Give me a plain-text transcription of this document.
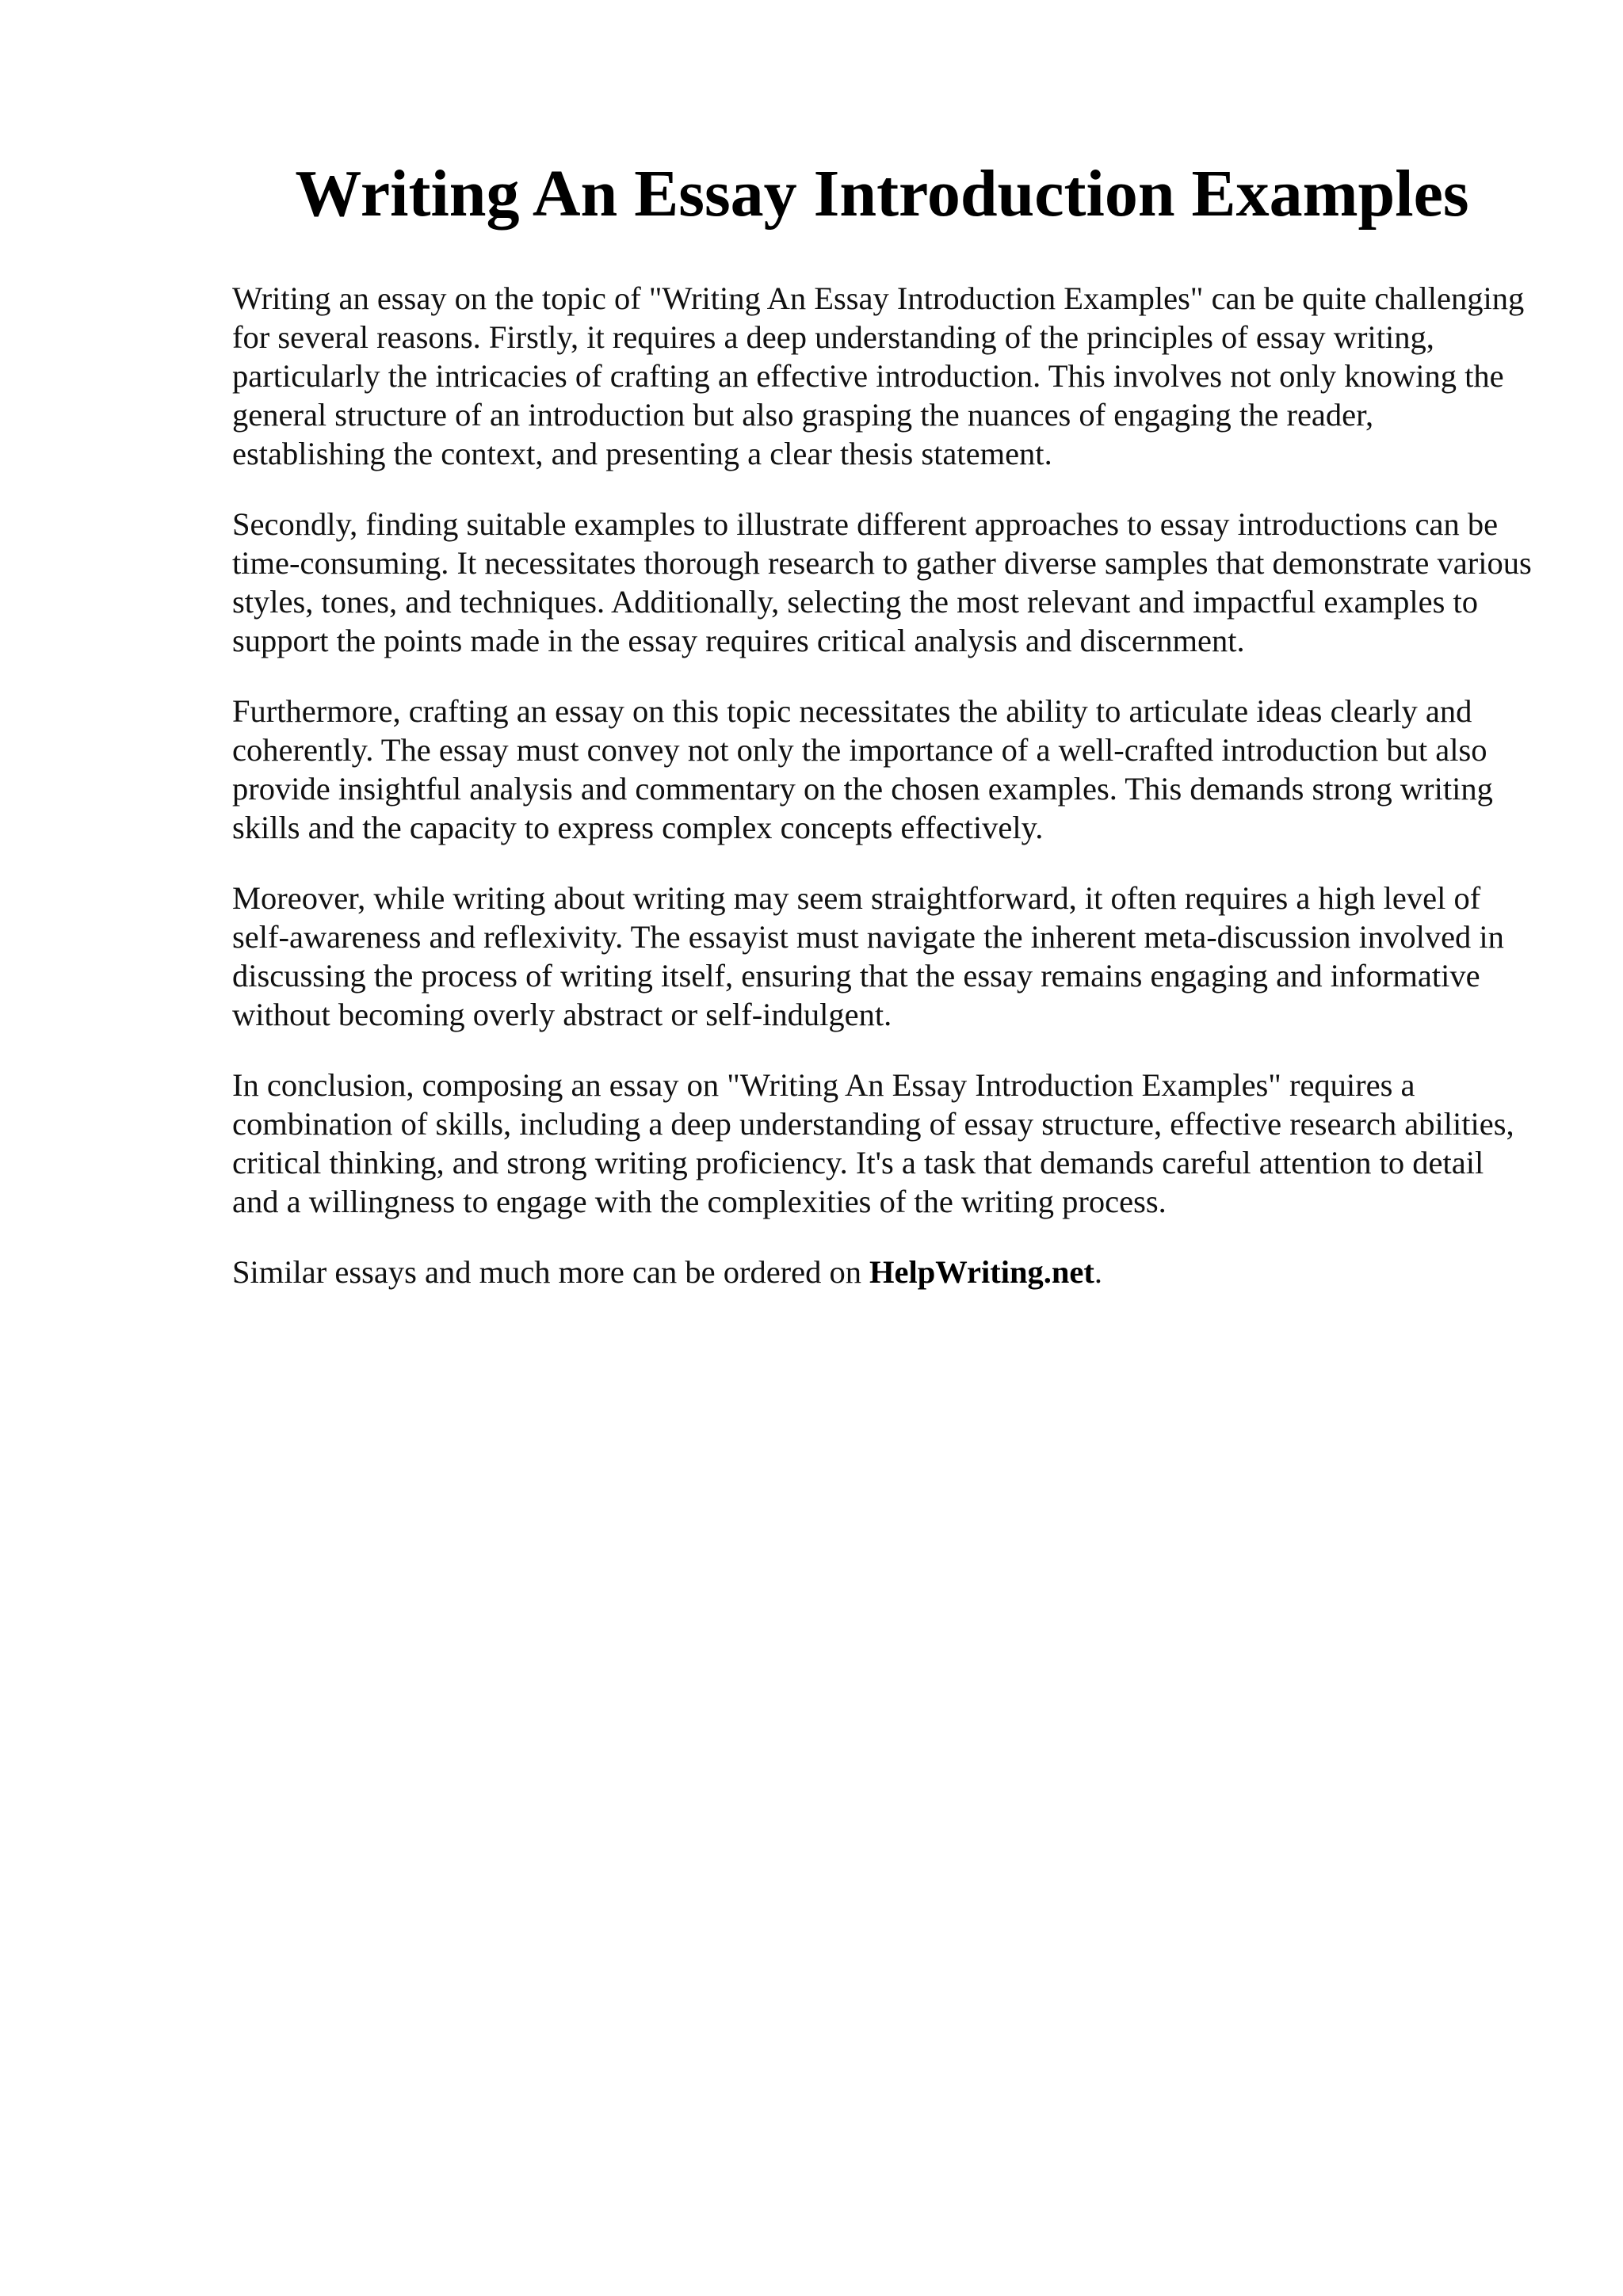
Writing An Essay Introduction Examples

Writing an essay on the topic of "Writing An Essay Introduction Examples" can be quite challenging for several reasons. Firstly, it requires a deep understanding of the principles of essay writing, particularly the intricacies of crafting an effective introduction. This involves not only knowing the general structure of an introduction but also grasping the nuances of engaging the reader, establishing the context, and presenting a clear thesis statement.

Secondly, finding suitable examples to illustrate different approaches to essay introductions can be time-consuming. It necessitates thorough research to gather diverse samples that demonstrate various styles, tones, and techniques. Additionally, selecting the most relevant and impactful examples to support the points made in the essay requires critical analysis and discernment.

Furthermore, crafting an essay on this topic necessitates the ability to articulate ideas clearly and coherently. The essay must convey not only the importance of a well-crafted introduction but also provide insightful analysis and commentary on the chosen examples. This demands strong writing skills and the capacity to express complex concepts effectively.

Moreover, while writing about writing may seem straightforward, it often requires a high level of self-awareness and reflexivity. The essayist must navigate the inherent meta-discussion involved in discussing the process of writing itself, ensuring that the essay remains engaging and informative without becoming overly abstract or self-indulgent.

In conclusion, composing an essay on "Writing An Essay Introduction Examples" requires a combination of skills, including a deep understanding of essay structure, effective research abilities, critical thinking, and strong writing proficiency. It's a task that demands careful attention to detail and a willingness to engage with the complexities of the writing process.

Similar essays and much more can be ordered on HelpWriting.net.
